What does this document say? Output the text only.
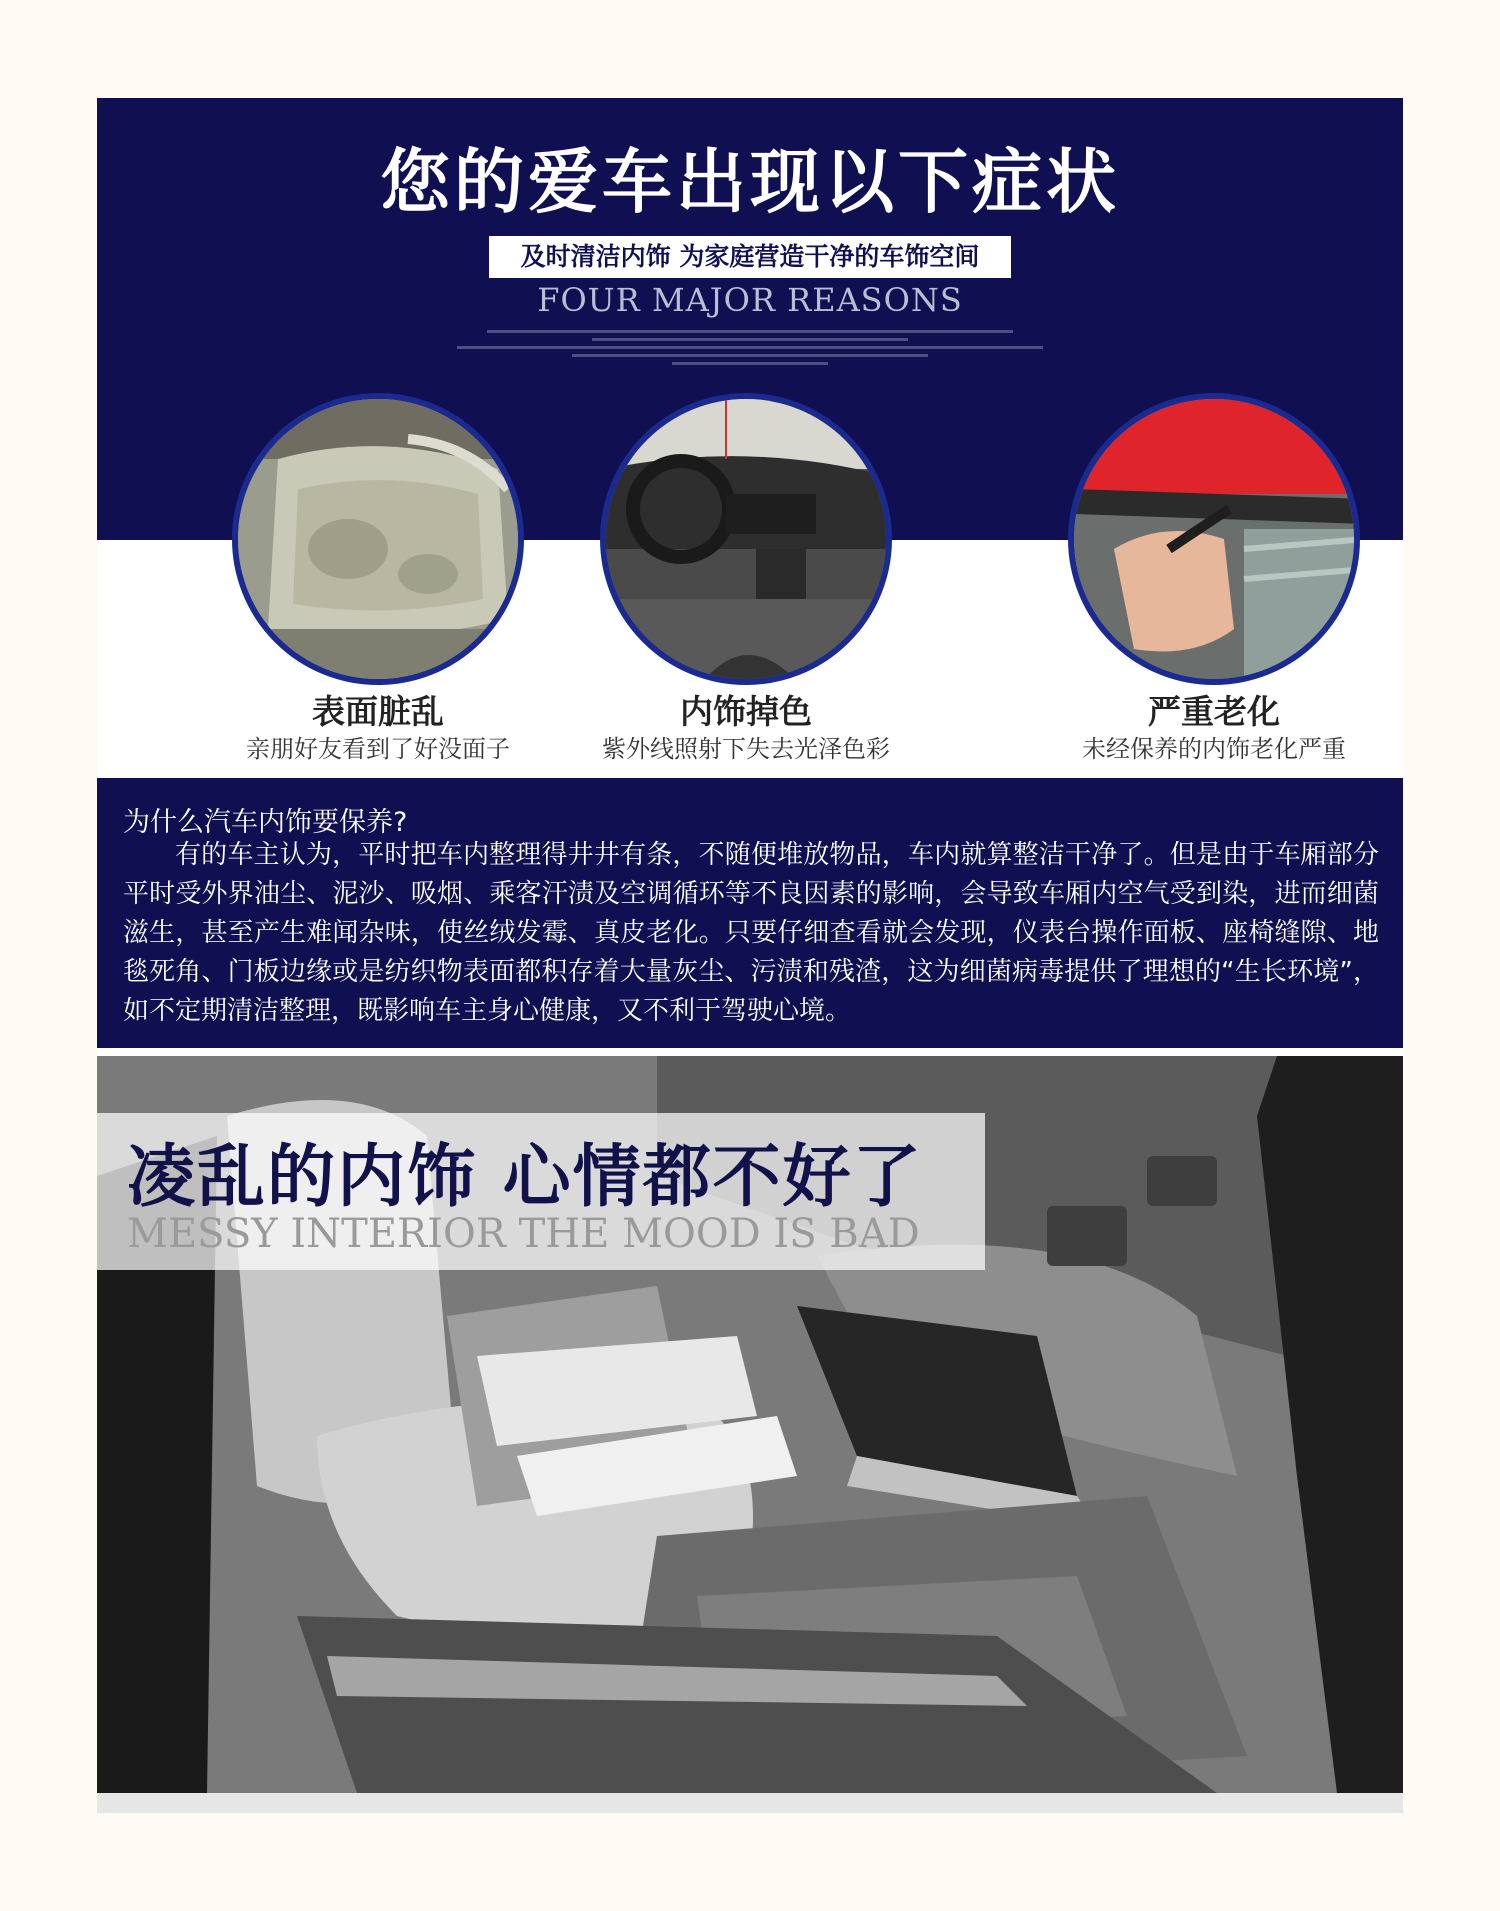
您的爱车出现以下症状
及时清洁内饰 为家庭营造干净的车饰空间
FOUR MAJOR REASONS
表面脏乱
亲朋好友看到了好没面子
内饰掉色
紫外线照射下失去光泽色彩
严重老化
未经保养的内饰老化严重
为什么汽车内饰要保养?

有的车主认为，平时把车内整理得井井有条，不随便堆放物品，车内就算整洁干净了。但是由于车厢部分平时受外界油尘、泥沙、吸烟、乘客汗渍及空调循环等不良因素的影响，会导致车厢内空气受到染，进而细菌滋生，甚至产生难闻杂味，使丝绒发霉、真皮老化。只要仔细查看就会发现，仪表台操作面板、座椅缝隙、地毯死角、门板边缘或是纺织物表面都积存着大量灰尘、污渍和残渣，这为细菌病毒提供了理想的“生长环境”，如不定期清洁整理，既影响车主身心健康，又不利于驾驶心境。

凌乱的内饰 心情都不好了
MESSY INTERIOR THE MOOD IS BAD
